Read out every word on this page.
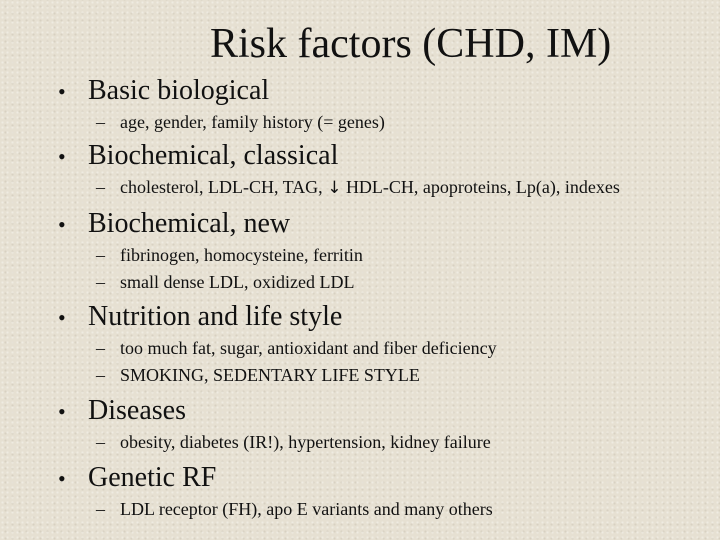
Risk factors (CHD, IM)
• Basic biological
– age, gender, family history (= genes)
• Biochemical, classical
– cholesterol, LDL-CH, TAG, ↓ HDL-CH, apoproteins, Lp(a), indexes
• Biochemical, new
– fibrinogen, homocysteine, ferritin
– small dense LDL, oxidized LDL
• Nutrition and life style
– too much fat, sugar, antioxidant and fiber deficiency
– SMOKING, SEDENTARY LIFE STYLE
• Diseases
– obesity, diabetes (IR!), hypertension, kidney failure
• Genetic RF
– LDL receptor (FH), apo E variants and many others
